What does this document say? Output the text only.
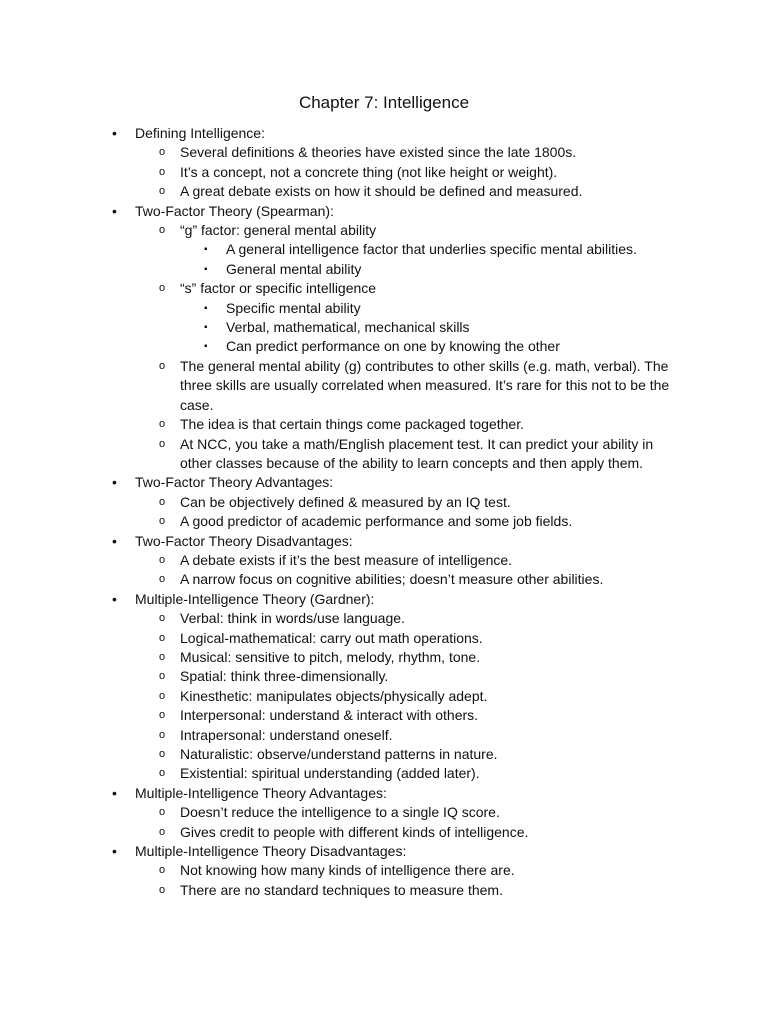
Chapter 7: Intelligence
• Defining Intelligence:
o Several definitions & theories have existed since the late 1800s.
o It’s a concept, not a concrete thing (not like height or weight).
o A great debate exists on how it should be defined and measured.
• Two-Factor Theory (Spearman):
o “g” factor: general mental ability
▪ A general intelligence factor that underlies specific mental abilities.
▪ General mental ability
o “s” factor or specific intelligence
▪ Specific mental ability
▪ Verbal, mathematical, mechanical skills
▪ Can predict performance on one by knowing the other
o The general mental ability (g) contributes to other skills (e.g. math, verbal). The three skills are usually correlated when measured. It’s rare for this not to be the case.
o The idea is that certain things come packaged together.
o At NCC, you take a math/English placement test. It can predict your ability in other classes because of the ability to learn concepts and then apply them.
• Two-Factor Theory Advantages:
o Can be objectively defined & measured by an IQ test.
o A good predictor of academic performance and some job fields.
• Two-Factor Theory Disadvantages:
o A debate exists if it’s the best measure of intelligence.
o A narrow focus on cognitive abilities; doesn’t measure other abilities.
• Multiple-Intelligence Theory (Gardner):
o Verbal: think in words/use language.
o Logical-mathematical: carry out math operations.
o Musical: sensitive to pitch, melody, rhythm, tone.
o Spatial: think three-dimensionally.
o Kinesthetic: manipulates objects/physically adept.
o Interpersonal: understand & interact with others.
o Intrapersonal: understand oneself.
o Naturalistic: observe/understand patterns in nature.
o Existential: spiritual understanding (added later).
• Multiple-Intelligence Theory Advantages:
o Doesn’t reduce the intelligence to a single IQ score.
o Gives credit to people with different kinds of intelligence.
• Multiple-Intelligence Theory Disadvantages:
o Not knowing how many kinds of intelligence there are.
o There are no standard techniques to measure them.
